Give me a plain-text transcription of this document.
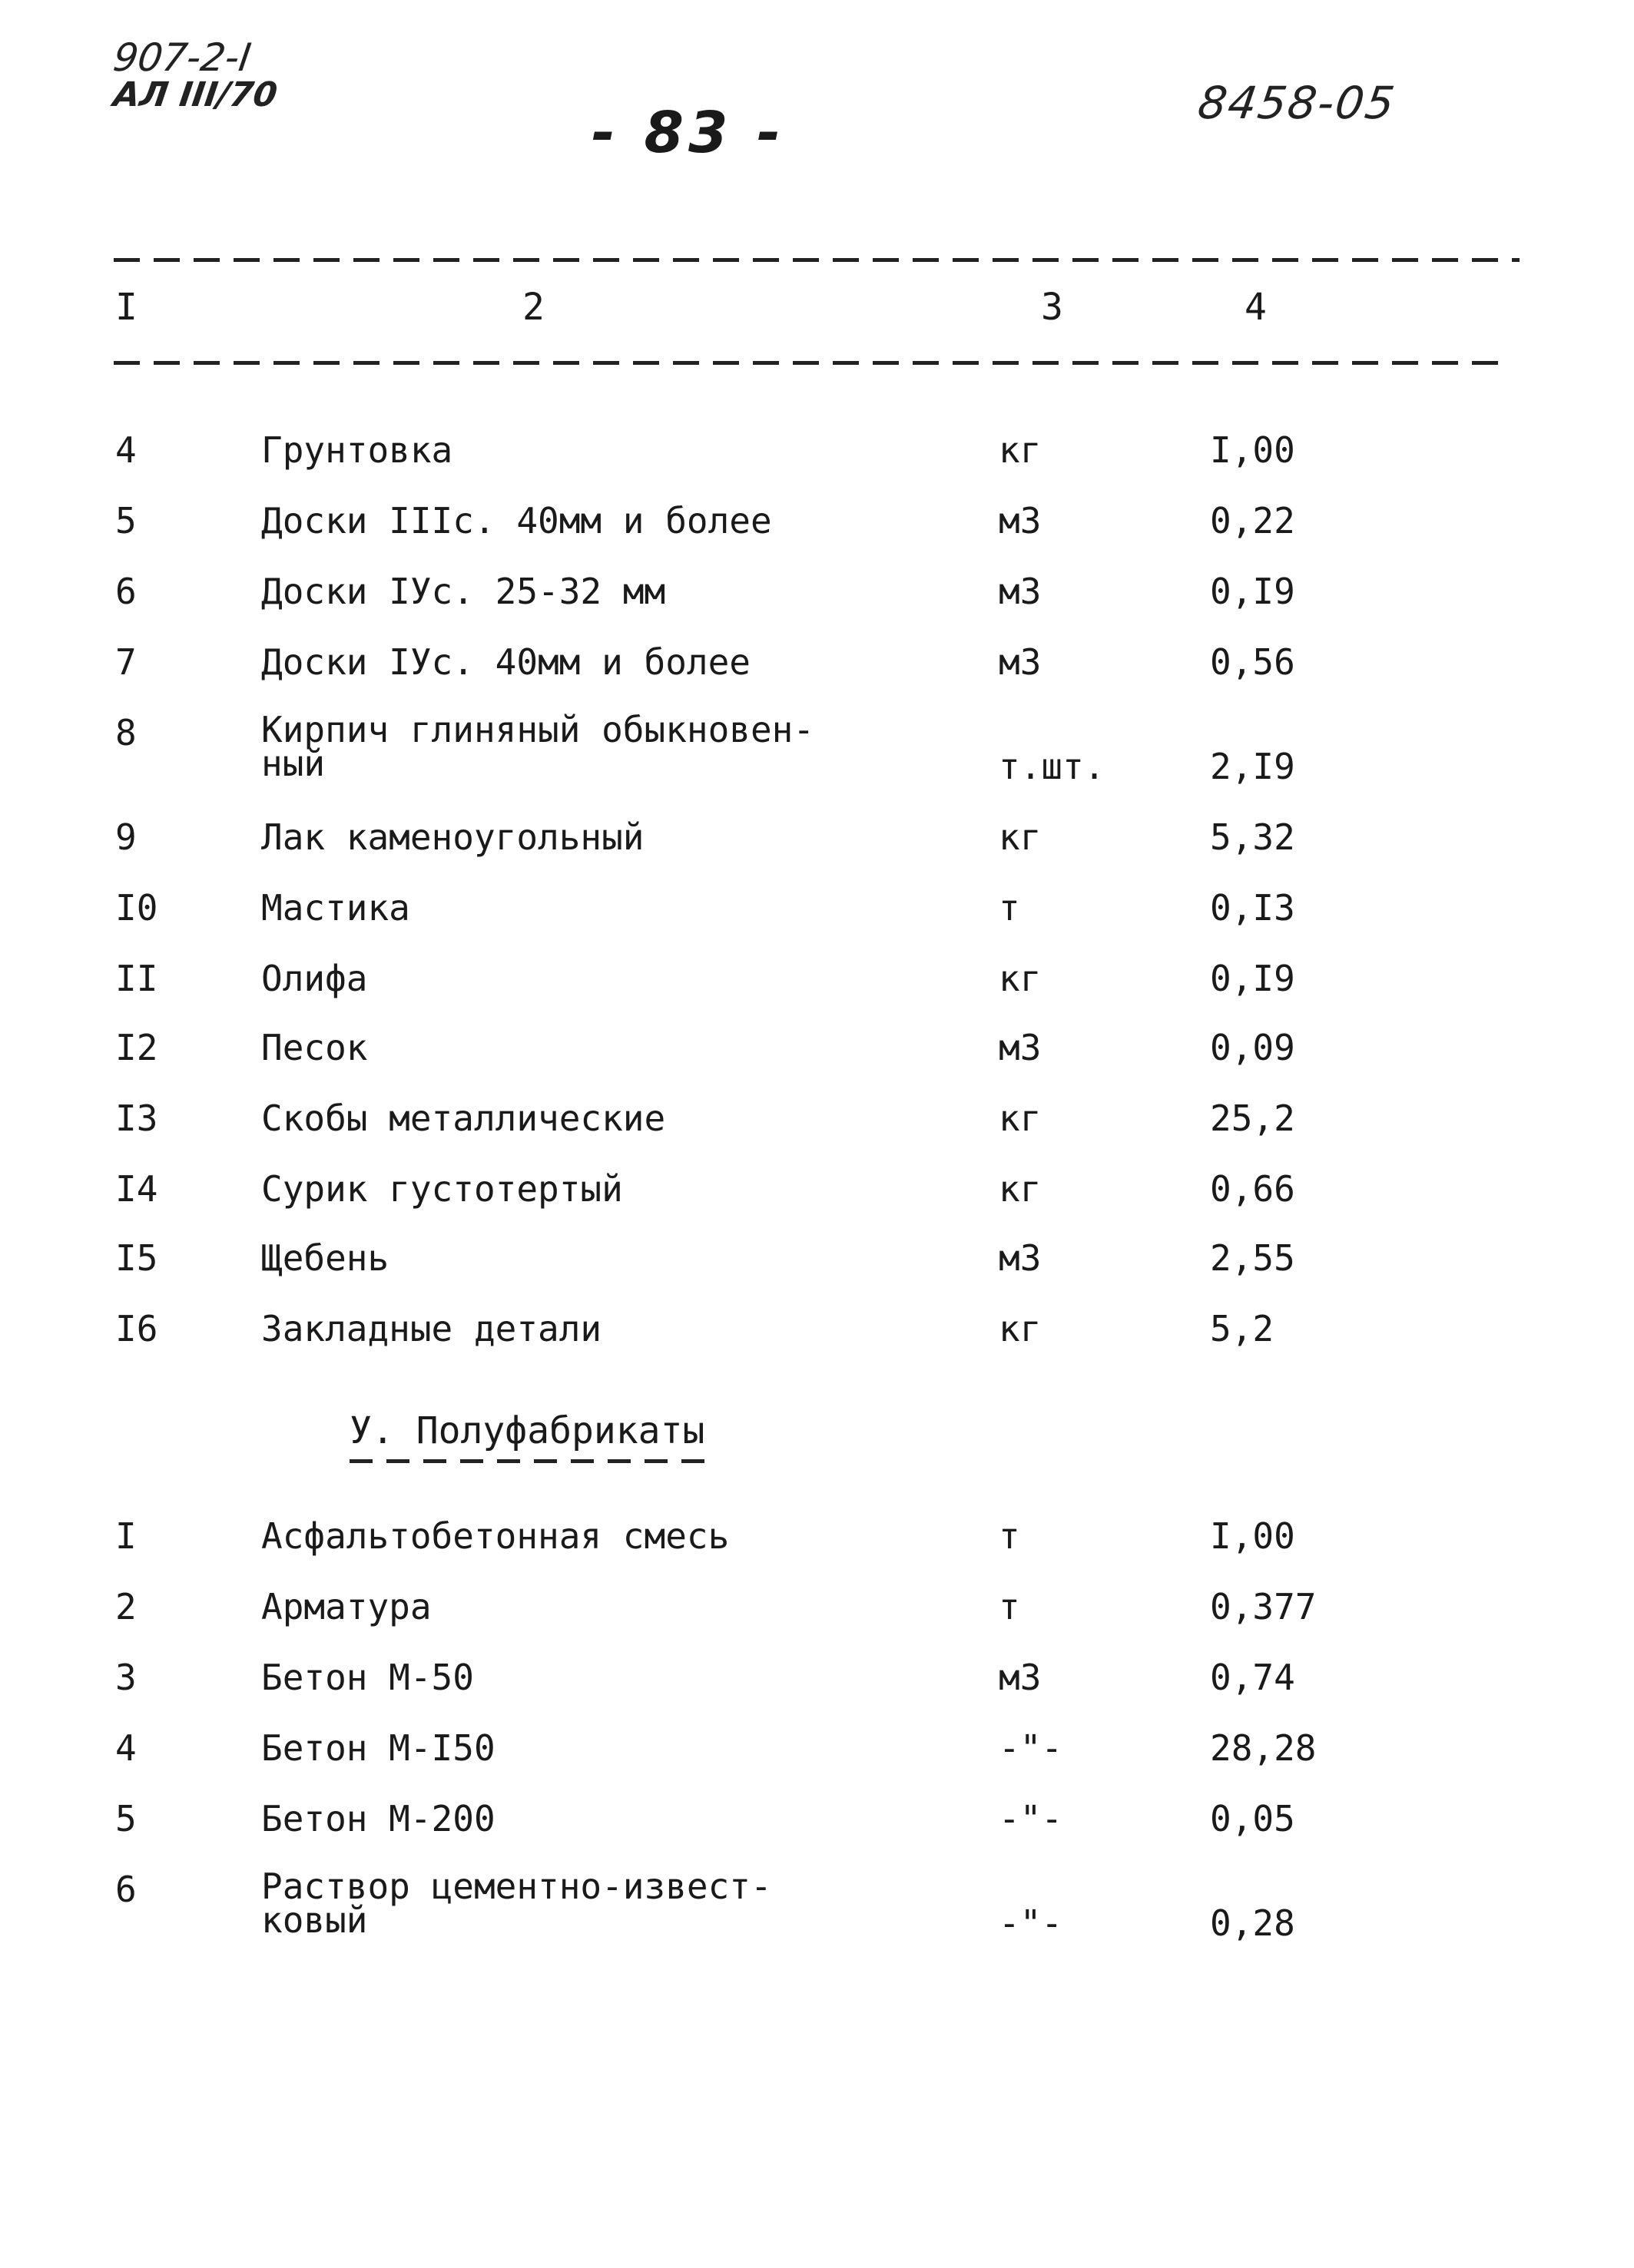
907-2-I
АЛ III/70
- 83 -	8458-05
I	2	3	4
4	Грунтовка	кг	I,00
5	Доски IIIс. 40мм и более	м3	0,22
6	Доски IУс. 25-32 мм	м3	0,I9
7	Доски IУс. 40мм и более	м3	0,56
8	Кирпич глиняный обыкновен-
ный	т.шт.	2,I9
9	Лак каменоугольный	кг	5,32
I0	Мастика	т	0,I3
II	Олифа	кг	0,I9
I2	Песок	м3	0,09
I3	Скобы металлические	кг	25,2
I4	Сурик густотертый	кг	0,66
I5	Щебень	м3	2,55
I6	Закладные детали	кг	5,2
У. Полуфабрикаты
I	Асфальтобетонная смесь	т	I,00
2	Арматура	т	0,377
3	Бетон М-50	м3	0,74
4	Бетон М-I50	-"-	28,28
5	Бетон М-200	-"-	0,05
6	Раствор цементно-извест-
ковый	-"-	0,28
